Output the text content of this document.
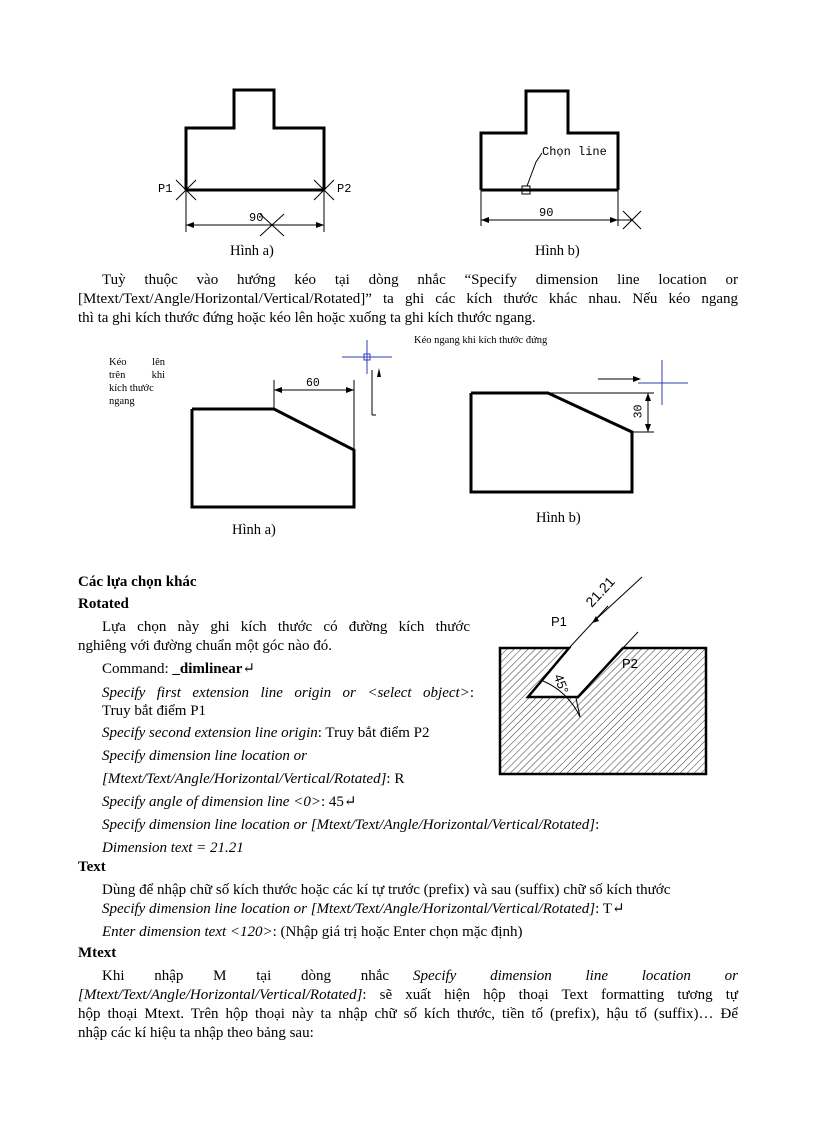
P1	P2
90
Hình a)
Chọn line
90
Hình b)
Tuỳ thuộc vào hướng kéo tại dòng nhắc “Specify dimension line location or
[Mtext/Text/Angle/Horizontal/Vertical/Rotated]” ta ghi các kích thước khác nhau. Nếu kéo ngang
thì ta ghi kích thước đứng hoặc kéo lên hoặc xuống ta ghi kích thước ngang.
Kéo lên
trên	khi
kích thước
ngang
Kéo ngang khi kích thước đứng
60
Hình a)
30
Hình b)
Các lựa chọn khác
Rotated
Lựa chọn này ghi kích thước có đường kích thước
nghiêng với đường chuẩn một góc nào đó.
Command: _dimlinear↵
Specify first extension line origin or <select object>:
Truy bắt điểm P1
Specify second extension line origin: Truy bắt điểm P2
Specify dimension line location or
[Mtext/Text/Angle/Horizontal/Vertical/Rotated]: R
Specify angle of dimension line <0>: 45↵
Specify dimension line location or [Mtext/Text/Angle/Horizontal/Vertical/Rotated]:
Dimension text = 21.21
P1
P2
21.21
45°
Text
Dùng để nhập chữ số kích thước hoặc các kí tự trước (prefix) và sau (suffix) chữ số kích thước
Specify dimension line location or [Mtext/Text/Angle/Horizontal/Vertical/Rotated]: T↵
Enter dimension text <120>: (Nhập giá trị hoặc Enter chọn mặc định)
Mtext
Khi nhập M tại dòng nhắc Specify dimension line location or
[Mtext/Text/Angle/Horizontal/Vertical/Rotated]: sẽ xuất hiện hộp thoại Text formatting tương tự
hộp thoại Mtext. Trên hộp thoại này ta nhập chữ số kích thước, tiền tố (prefix), hậu tố (suffix)… Để
nhập các kí hiệu ta nhập theo bảng sau:
